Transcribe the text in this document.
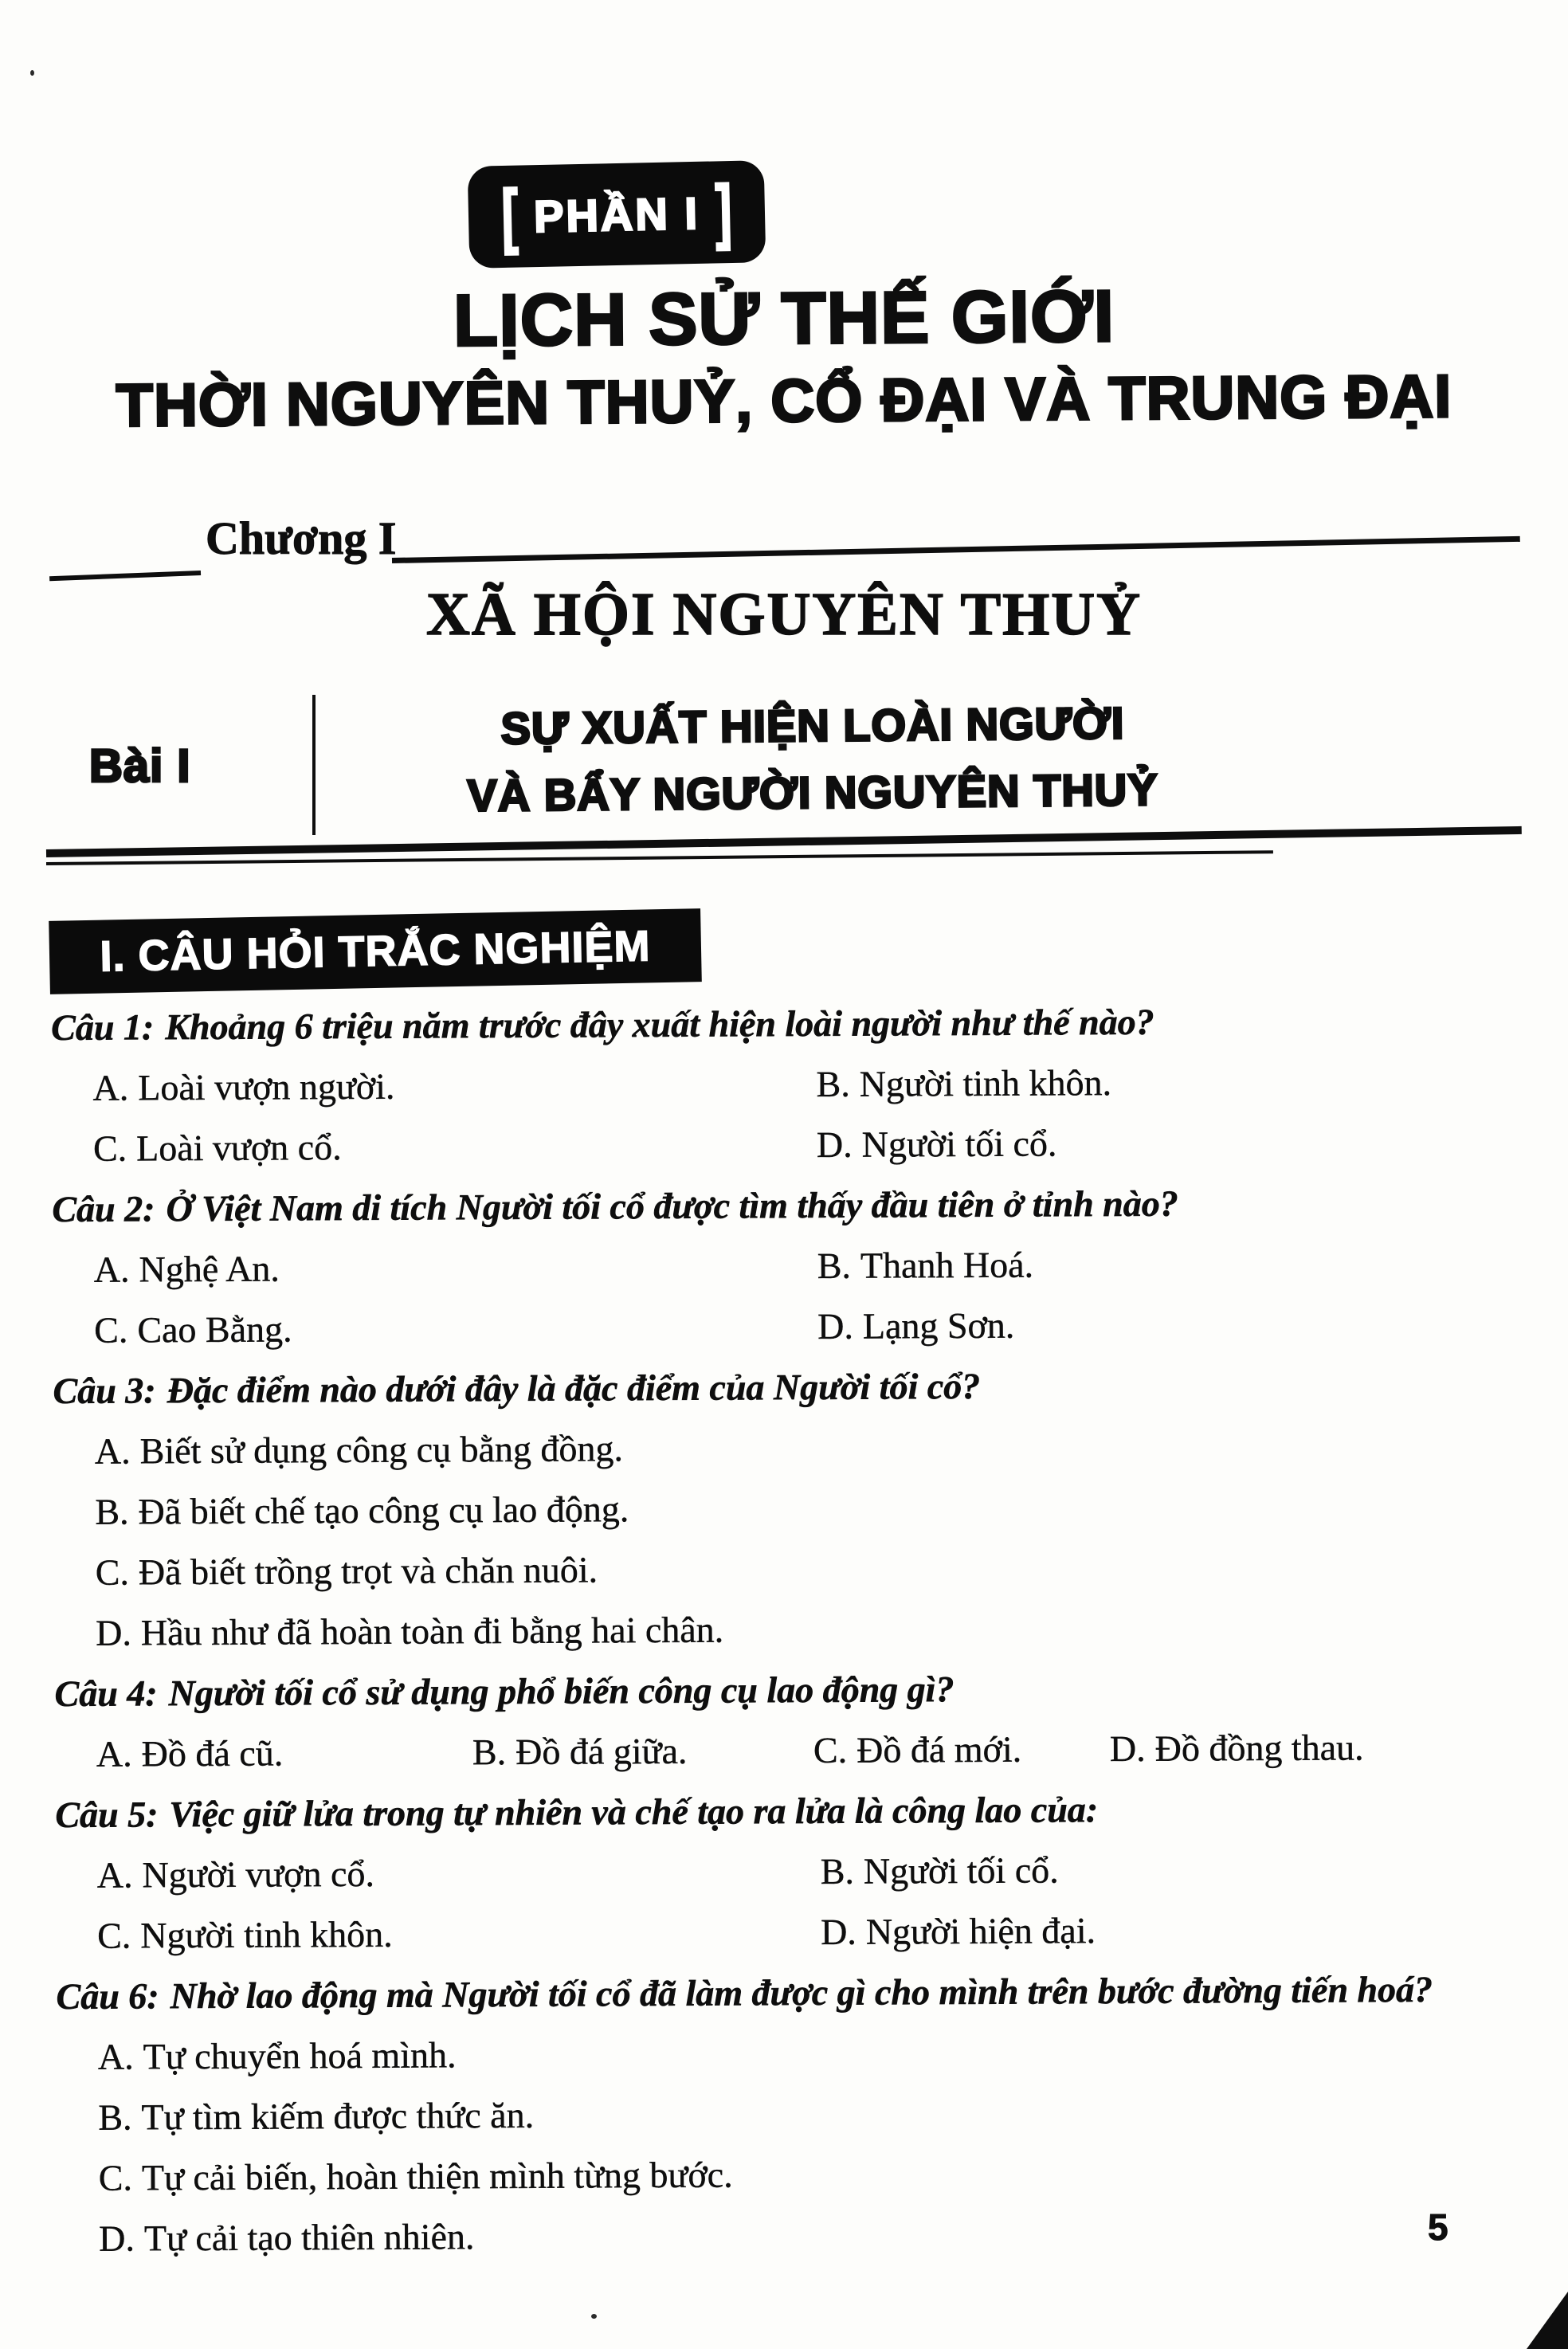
[ PHẦN I ]
LỊCH SỬ THẾ GIỚI
THỜI NGUYÊN THUỶ, CỔ ĐẠI VÀ TRUNG ĐẠI
Chương I
XÃ HỘI NGUYÊN THUỶ
Bài I
SỰ XUẤT HIỆN LOÀI NGƯỜI
VÀ BẨY NGƯỜI NGUYÊN THUỶ
I. CÂU HỎI TRẮC NGHIỆM

Câu 1: Khoảng 6 triệu năm trước đây xuất hiện loài người như thế nào?

A. Loài vượn người.	B. Người tinh khôn.
C. Loài vượn cổ.	D. Người tối cổ.

Câu 2: Ở Việt Nam di tích Người tối cổ được tìm thấy đầu tiên ở tỉnh nào?

A. Nghệ An.	B. Thanh Hoá.
C. Cao Bằng.	D. Lạng Sơn.

Câu 3: Đặc điểm nào dưới đây là đặc điểm của Người tối cổ?

A. Biết sử dụng công cụ bằng đồng.
B. Đã biết chế tạo công cụ lao động.
C. Đã biết trồng trọt và chăn nuôi.
D. Hầu như đã hoàn toàn đi bằng hai chân.

Câu 4: Người tối cổ sử dụng phổ biến công cụ lao động gì?

A. Đồ đá cũ.	B. Đồ đá giữa.	C. Đồ đá mới.	D. Đồ đồng thau.

Câu 5: Việc giữ lửa trong tự nhiên và chế tạo ra lửa là công lao của:

A. Người vượn cổ.	B. Người tối cổ.
C. Người tinh khôn.	D. Người hiện đại.

Câu 6: Nhờ lao động mà Người tối cổ đã làm được gì cho mình trên bước đường tiến hoá?

A. Tự chuyển hoá mình.
B. Tự tìm kiếm được thức ăn.
C. Tự cải biến, hoàn thiện mình từng bước.
D. Tự cải tạo thiên nhiên.	5
